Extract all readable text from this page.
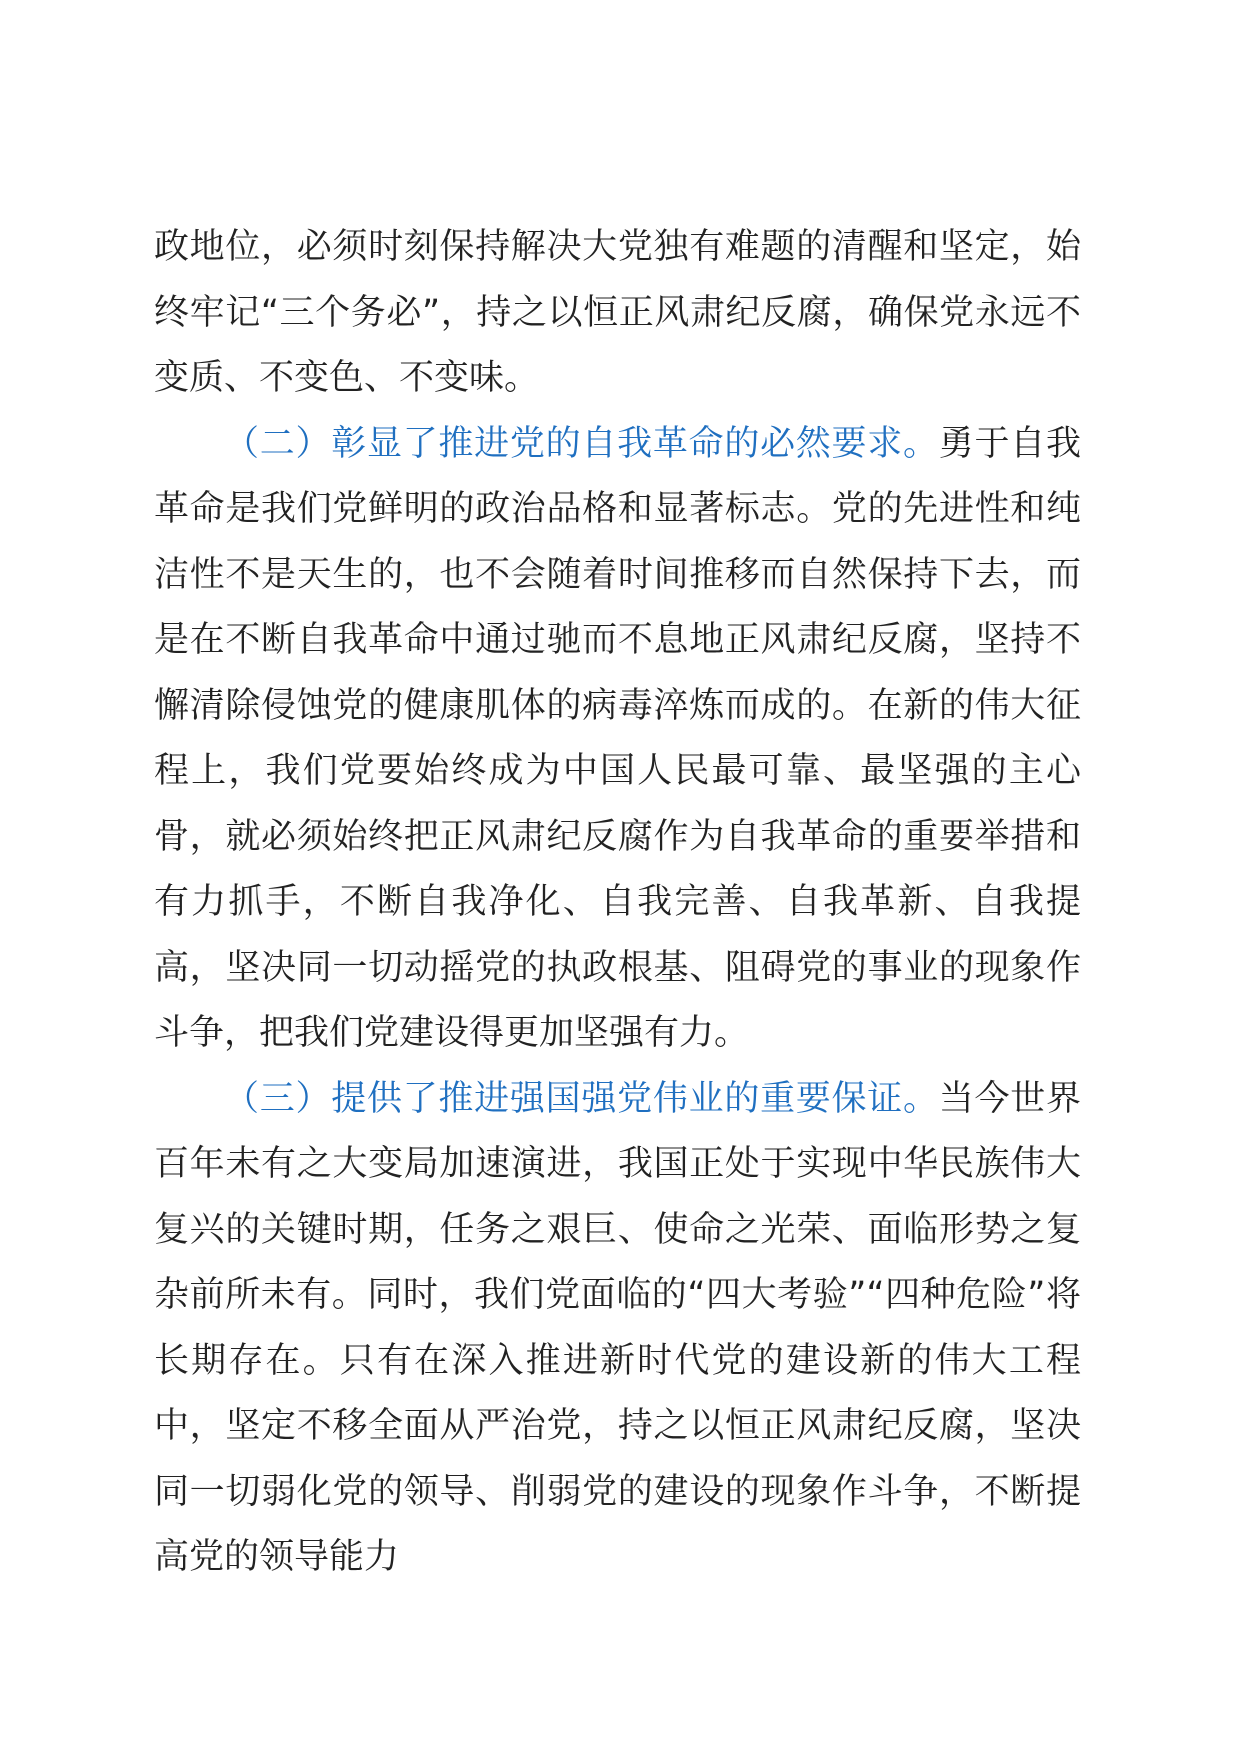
政地位，必须时刻保持解决大党独有难题的清醒和坚定，始终牢记“三个务必”，持之以恒正风肃纪反腐，确保党永远不变质、不变色、不变味。

（二）彰显了推进党的自我革命的必然要求。勇于自我革命是我们党鲜明的政治品格和显著标志。党的先进性和纯洁性不是天生的，也不会随着时间推移而自然保持下去，而是在不断自我革命中通过驰而不息地正风肃纪反腐，坚持不懈清除侵蚀党的健康肌体的病毒淬炼而成的。在新的伟大征程上，我们党要始终成为中国人民最可靠、最坚强的主心骨，就必须始终把正风肃纪反腐作为自我革命的重要举措和有力抓手，不断自我净化、自我完善、自我革新、自我提高，坚决同一切动摇党的执政根基、阻碍党的事业的现象作斗争，把我们党建设得更加坚强有力。

（三）提供了推进强国强党伟业的重要保证。当今世界百年未有之大变局加速演进，我国正处于实现中华民族伟大复兴的关键时期，任务之艰巨、使命之光荣、面临形势之复杂前所未有。同时，我们党面临的“四大考验”“四种危险”将长期存在。只有在深入推进新时代党的建设新的伟大工程中，坚定不移全面从严治党，持之以恒正风肃纪反腐，坚决同一切弱化党的领导、削弱党的建设的现象作斗争，不断提高党的领导能力
